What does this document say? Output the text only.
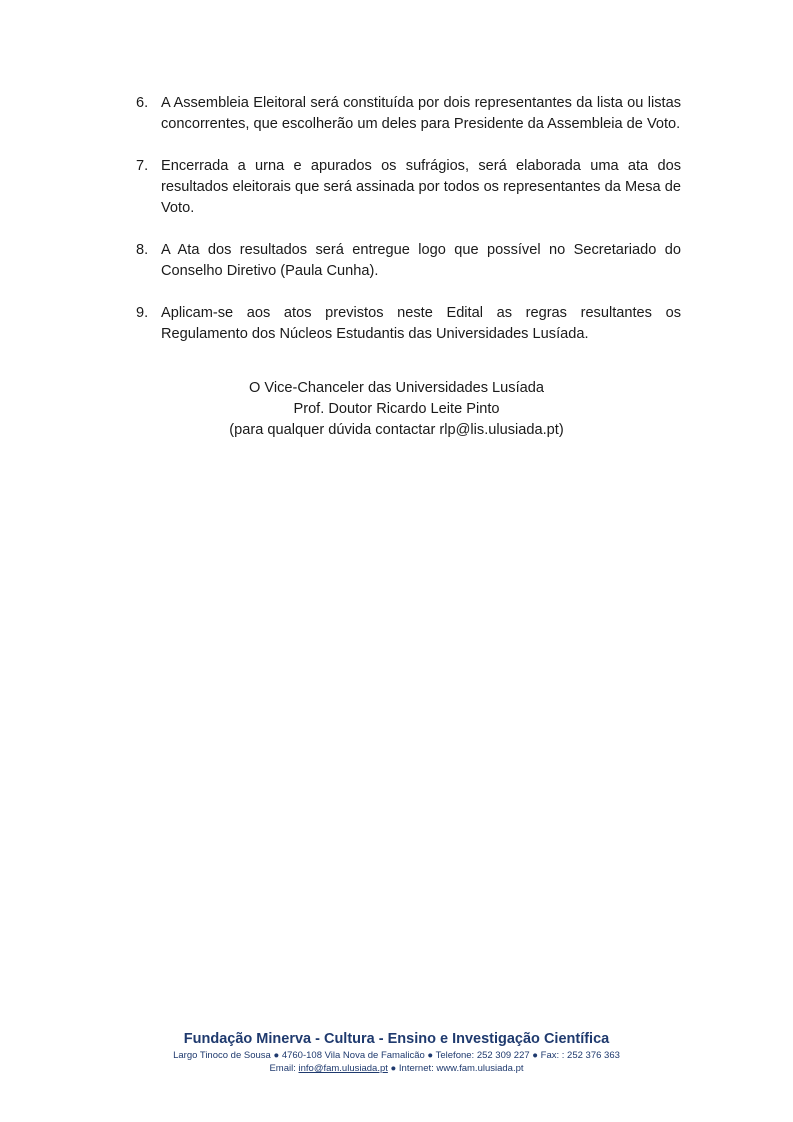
6. A Assembleia Eleitoral será constituída por dois representantes da lista ou listas concorrentes, que escolherão um deles para Presidente da Assembleia de Voto.
7. Encerrada a urna e apurados os sufrágios, será elaborada uma ata dos resultados eleitorais que será assinada por todos os representantes da Mesa de Voto.
8. A Ata dos resultados será entregue logo que possível no Secretariado do Conselho Diretivo (Paula Cunha).
9. Aplicam-se aos atos previstos neste Edital as regras resultantes os Regulamento dos Núcleos Estudantis das Universidades Lusíada.
O Vice-Chanceler das Universidades Lusíada
Prof. Doutor Ricardo Leite Pinto
(para qualquer dúvida contactar rlp@lis.ulusiada.pt)
Fundação Minerva - Cultura - Ensino e Investigação Científica
Largo Tinoco de Sousa ● 4760-108 Vila Nova de Famalicão ● Telefone: 252 309 227 ● Fax: : 252 376 363
Email: info@fam.ulusiada.pt ● Internet: www.fam.ulusiada.pt
